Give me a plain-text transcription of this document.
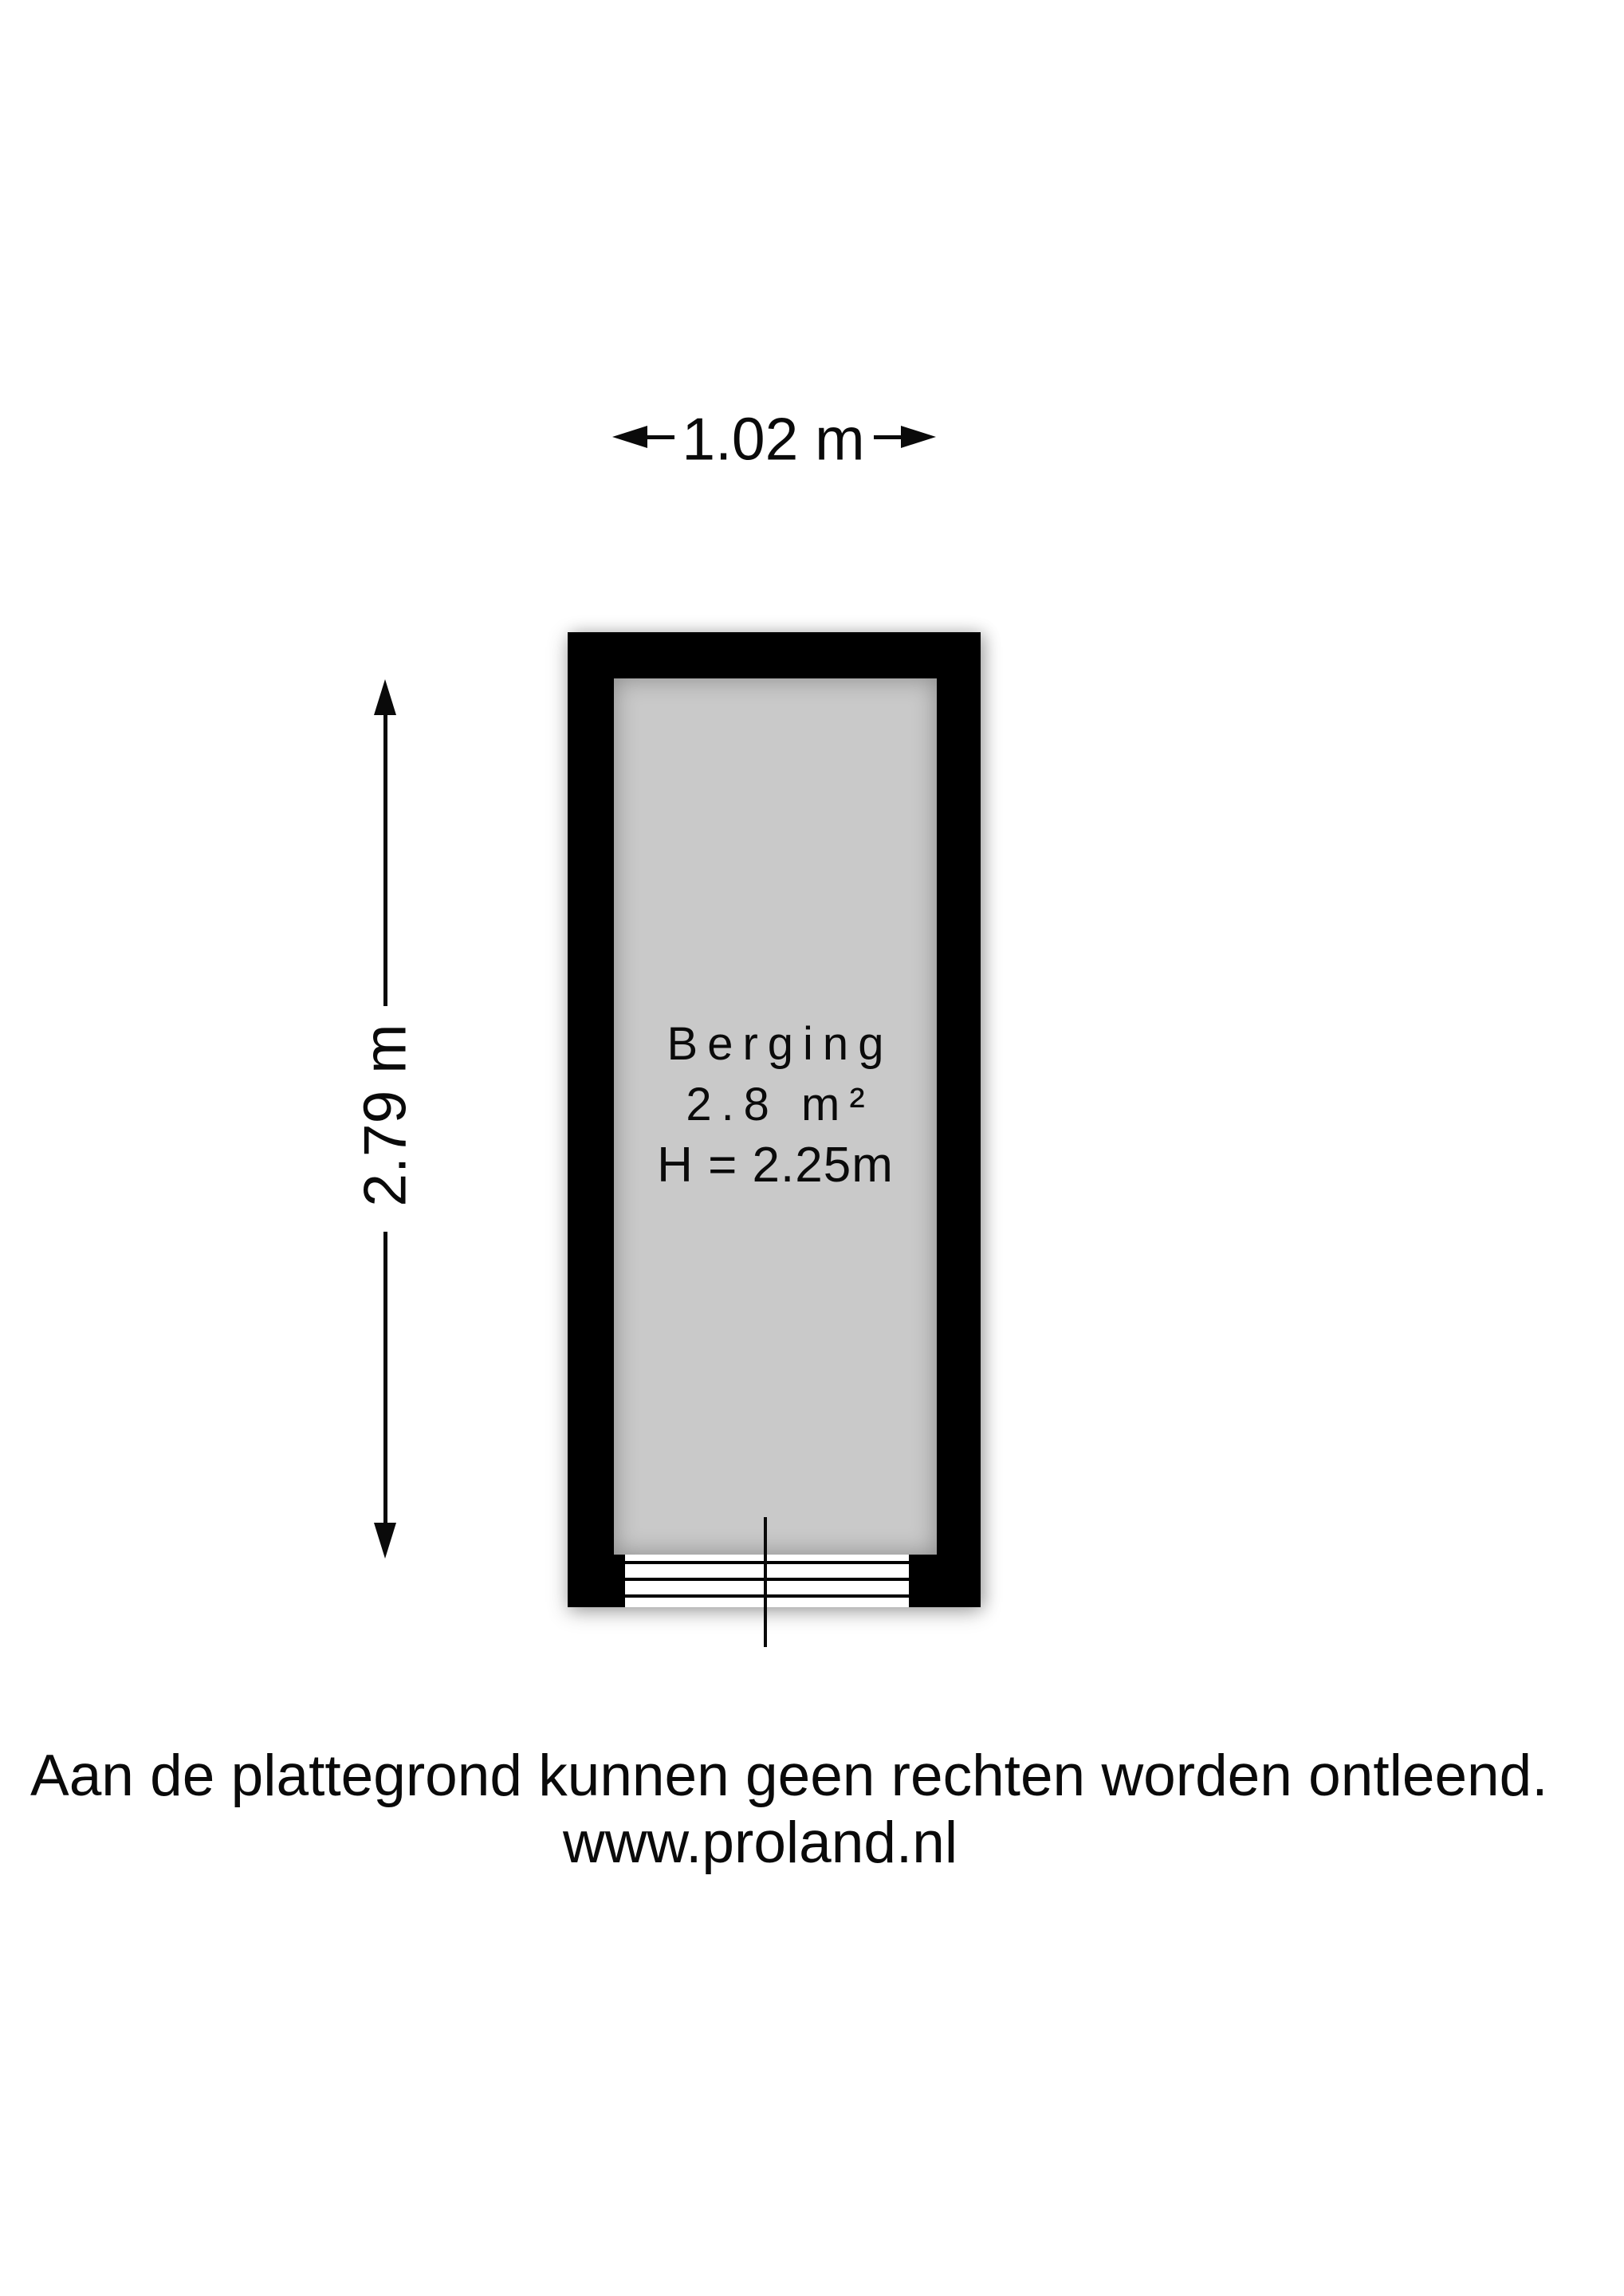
1.02 m
2.79 m	Berging
2.8 m²
H = 2.25m
Aan de plattegrond kunnen geen rechten worden ontleend.
www.proland.nl
